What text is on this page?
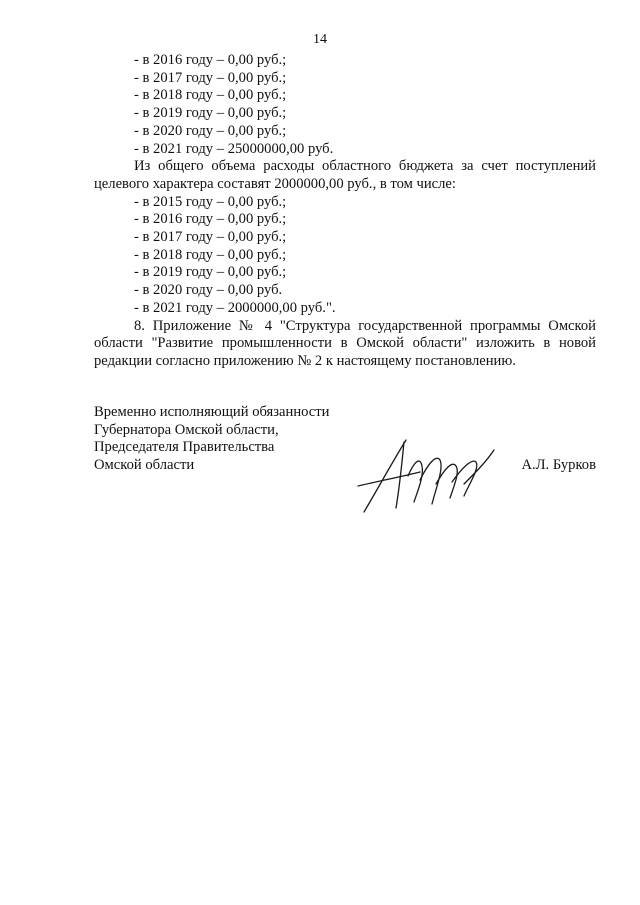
14
- в 2016 году – 0,00 руб.;
- в 2017 году – 0,00 руб.;
- в 2018 году – 0,00 руб.;
- в 2019 году – 0,00 руб.;
- в 2020 году – 0,00 руб.;
- в 2021 году – 25000000,00 руб.

Из общего объема расходы областного бюджета за счет поступлений целевого характера составят 2000000,00 руб., в том числе:

- в 2015 году – 0,00 руб.;
- в 2016 году – 0,00 руб.;
- в 2017 году – 0,00 руб.;
- в 2018 году – 0,00 руб.;
- в 2019 году – 0,00 руб.;
- в 2020 году – 0,00 руб.
- в 2021 году – 2000000,00 руб.".

8. Приложение № 4 "Структура государственной программы Омской области "Развитие промышленности в Омской области" изложить в новой редакции согласно приложению № 2 к настоящему постановлению.

Временно исполняющий обязанности
Губернатора Омской области,
Председателя Правительства
Омской области	А.Л. Бурков
